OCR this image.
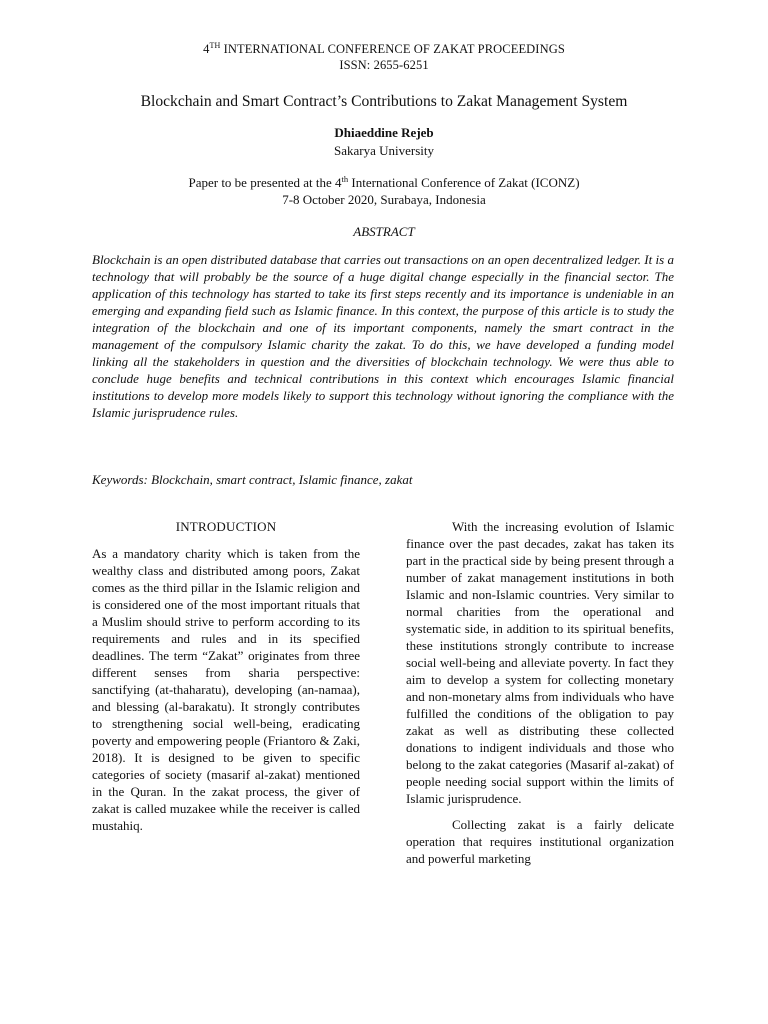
4TH INTERNATIONAL CONFERENCE OF ZAKAT PROCEEDINGS
ISSN: 2655-6251
Blockchain and Smart Contract’s Contributions to Zakat Management System
Dhiaeddine Rejeb
Sakarya University
Paper to be presented at the 4th International Conference of Zakat (ICONZ)
7-8 October 2020, Surabaya, Indonesia
ABSTRACT
Blockchain is an open distributed database that carries out transactions on an open decentralized ledger. It is a technology that will probably be the source of a huge digital change especially in the financial sector. The application of this technology has started to take its first steps recently and its importance is undeniable in an emerging and expanding field such as Islamic finance. In this context, the purpose of this article is to study the integration of the blockchain and one of its important components, namely the smart contract in the management of the compulsory Islamic charity the zakat. To do this, we have developed a funding model linking all the stakeholders in question and the diversities of blockchain technology. We were thus able to conclude huge benefits and technical contributions in this context which encourages Islamic financial institutions to develop more models likely to support this technology without ignoring the compliance with the Islamic jurisprudence rules.
Keywords: Blockchain, smart contract, Islamic finance, zakat
INTRODUCTION

As a mandatory charity which is taken from the wealthy class and distributed among poors, Zakat comes as the third pillar in the Islamic religion and is considered one of the most important rituals that a Muslim should strive to perform according to its requirements and rules and in its specified deadlines. The term “Zakat” originates from three different senses from sharia perspective: sanctifying (at-thaharatu), developing (an-namaa), and blessing (al-barakatu). It strongly contributes to strengthening social well-being, eradicating poverty and empowering people (Friantoro & Zaki, 2018). It is designed to be given to specific categories of society (masarif al-zakat) mentioned in the Quran. In the zakat process, the giver of zakat is called muzakee while the receiver is called mustahiq.

With the increasing evolution of Islamic finance over the past decades, zakat has taken its part in the practical side by being present through a number of zakat management institutions in both Islamic and non-Islamic countries. Very similar to normal charities from the operational and systematic side, in addition to its spiritual benefits, these institutions strongly contribute to increase social well-being and alleviate poverty. In fact they aim to develop a system for collecting monetary and non-monetary alms from individuals who have fulfilled the conditions of the obligation to pay zakat as well as distributing these collected donations to indigent individuals and those who belong to the zakat categories (Masarif al-zakat) of people needing social support within the limits of Islamic jurisprudence.

Collecting zakat is a fairly delicate operation that requires institutional organization and powerful marketing
